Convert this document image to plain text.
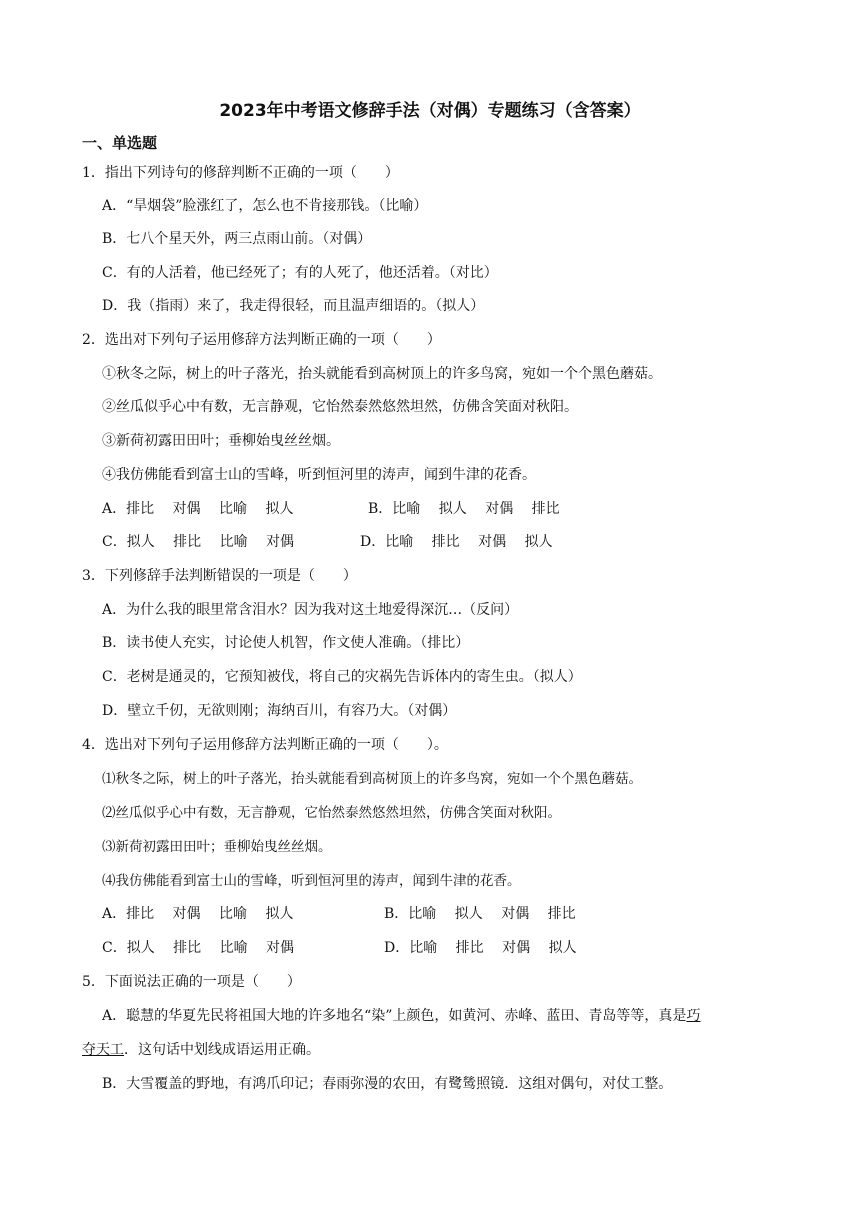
2023年中考语文修辞手法（对偶）专题练习（含答案）
一、单选题
1．指出下列诗句的修辞判断不正确的一项（　　）
A．“旱烟袋”脸涨红了，怎么也不肯接那钱。（比喻）
B．七八个星天外，两三点雨山前。（对偶）
C．有的人活着，他已经死了；有的人死了，他还活着。（对比）
D．我（指雨）来了，我走得很轻，而且温声细语的。（拟人）
2．选出对下列句子运用修辞方法判断正确的一项（　　）
①秋冬之际，树上的叶子落光，抬头就能看到高树顶上的许多鸟窝，宛如一个个黑色蘑菇。
②丝瓜似乎心中有数，无言静观，它怡然泰然悠然坦然，仿佛含笑面对秋阳。
③新荷初露田田叶；垂柳始曳丝丝烟。
④我仿佛能看到富士山的雪峰，听到恒河里的涛声，闻到牛津的花香。
A．排比　 对偶　 比喻　 拟人	B．比喻　 拟人　 对偶　 排比
C．拟人　 排比　 比喻　 对偶	D．比喻　 排比　 对偶　 拟人
3．下列修辞手法判断错误的一项是（　　）
A．为什么我的眼里常含泪水？因为我对这土地爱得深沉…（反问）
B．读书使人充实，讨论使人机智，作文使人准确。（排比）
C．老树是通灵的，它预知被伐，将自己的灾祸先告诉体内的寄生虫。（拟人）
D．壁立千仞，无欲则刚；海纳百川，有容乃大。（对偶）
4．选出对下列句子运用修辞方法判断正确的一项（　　）。
⑴秋冬之际，树上的叶子落光，抬头就能看到高树顶上的许多鸟窝，宛如一个个黑色蘑菇。
⑵丝瓜似乎心中有数，无言静观，它怡然泰然悠然坦然，仿佛含笑面对秋阳。
⑶新荷初露田田叶；垂柳始曳丝丝烟。
⑷我仿佛能看到富士山的雪峰，听到恒河里的涛声，闻到牛津的花香。
A．排比　 对偶　 比喻　 拟人	B．比喻　 拟人　 对偶　 排比
C．拟人　 排比　 比喻　 对偶	D．比喻　 排比　 对偶　 拟人
5．下面说法正确的一项是（　　）
A．聪慧的华夏先民将祖国大地的许多地名“染”上颜色，如黄河、赤峰、蓝田、青岛等等，真是巧
夺天工．这句话中划线成语运用正确。
B．大雪覆盖的野地，有鸿爪印记；春雨弥漫的农田，有鹭鸶照镜．这组对偶句，对仗工整。
